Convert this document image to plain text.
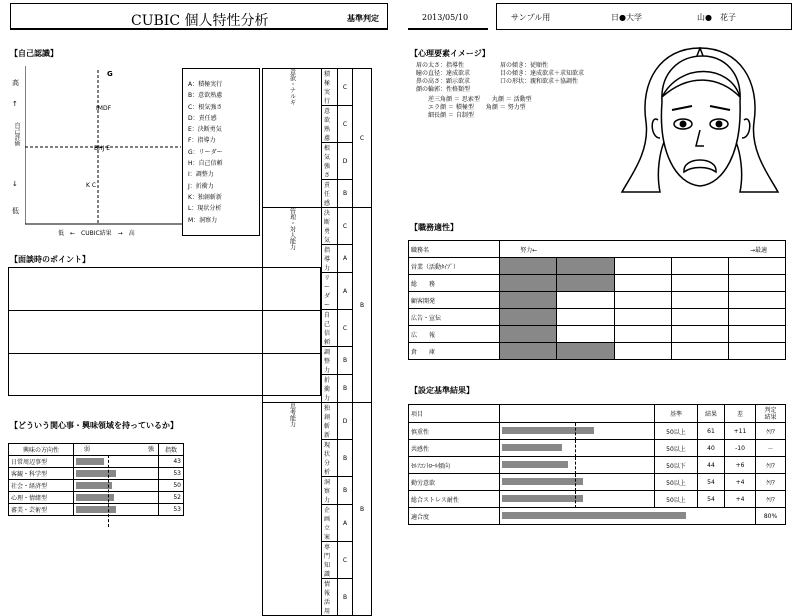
CUBIC 個人特性分析	基準判定	2013/05/10	サンプル用	日●大学	山●　花子
【自己認識】
高
↑
自己評価
↓
低
G
IMDF
BHJ E
K C
低　←　CUBIC結果　→　高
A：積極実行
B：意欲熟慮
C：根気強さ
D：責任感
E：決断勇気
F：指導力
G：リーダー
H：自己信頼
I：調整力
J：折衝力
K：独創斬新
L：現状分析
M：洞察力
意欲・ナルギ	積極実行	C	C
	意欲熟慮	C	
	根気強さ	D	
	責任感	B	
管理・対人能力	決断勇気	C	B
	指導力	A	
	リーダー	A	
	自己信頼	C	
	調整力	B	
	折衝力	B	
思考能力	独創斬新	D	B
	現状分析	B	
	洞察力	B	
	企画立案	A	
	専門知識	C	
	情報活用	B	
【面談時のポイント】
【どういう関心事・興味領域を持っているか】
興味の方向性	弱 強	指数
日常周辺事型		43
客観・科学型		53
社会・経済型		50
心理・情緒型		52
審美・芸術型		53
【心理要素イメージ】
眉の太さ：指導性
瞳の直径：達成欲求
鼻の高さ：顕示欲求
顔の輪郭：性格類型
眉の傾き：従順性
目の傾き：達成欲求＋求知欲求
口の形状：親和欲求＋協調性
逆三角顔 ＝ 思索型　　 丸顔 ＝ 活動型
エラ顔 ＝ 積極型　　 角顔 ＝ 努力型
細長顔 ＝ 自制型
【職務適性】
職務名	努力← →最適				

営業（活動ﾀｲﾌﾟ）					
総　　務					
顧客開発					
広告・宣伝					
広　　報					
倉　　庫					
【設定基準結果】
項目		基準	結果	差	判定
結果
慎重性		50以上	61	+11	ｸﾘｱ
共感性		50以上	40	-10	－
ｾﾙﾌｺﾝﾄﾛｰﾙ傾向		50以下	44	+6	ｸﾘｱ
勤労意欲		50以上	54	+4	ｸﾘｱ
総合ストレス耐性		50以上	54	+4	ｸﾘｱ
適合度					80%
